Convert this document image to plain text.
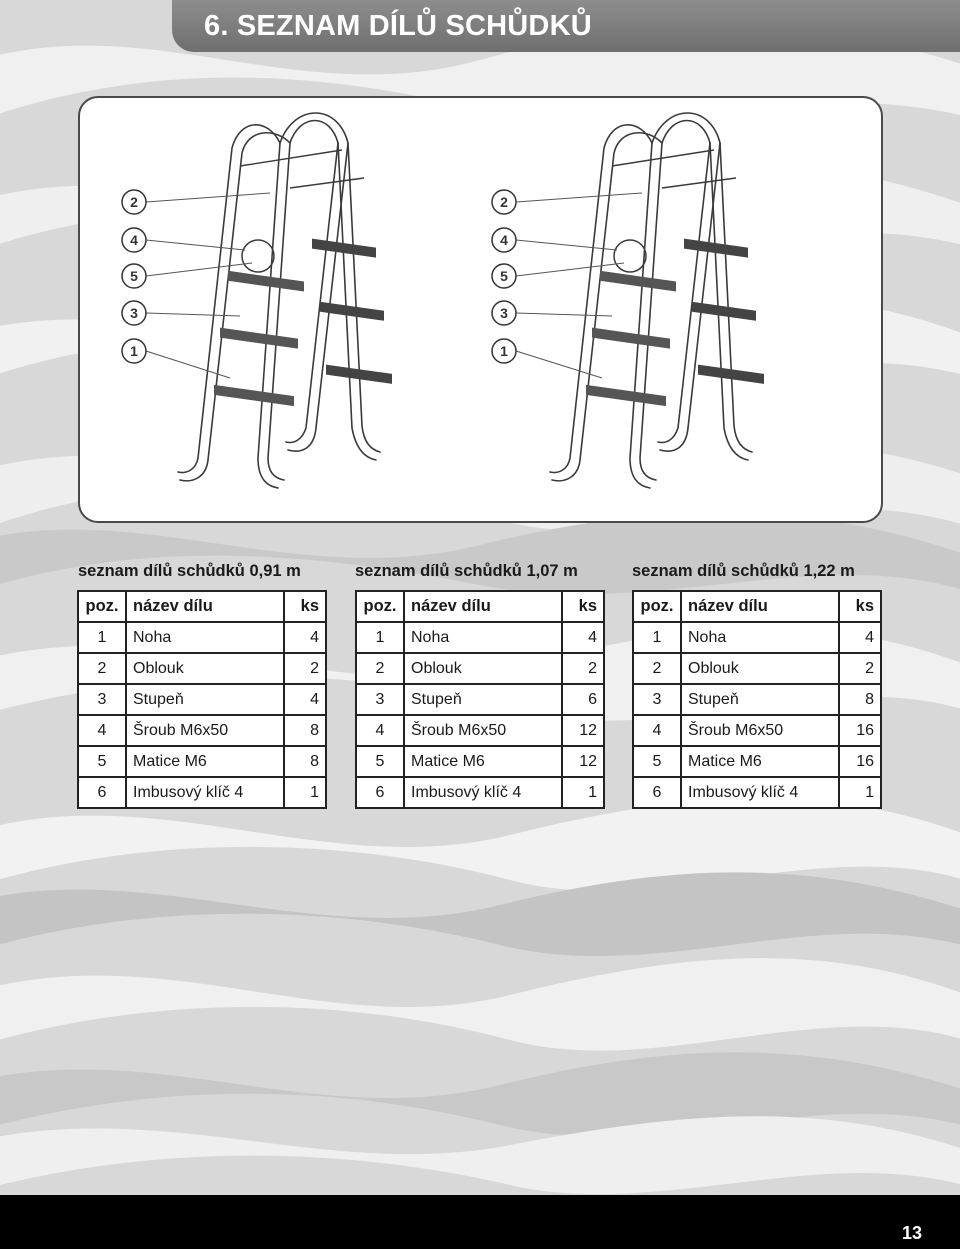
6. SEZNAM DÍLŮ SCHŮDKŮ
2
4
5
3
1
2
4
5
3
1
seznam dílů schůdků 0,91 m
poz.	název dílu	ks
1	Noha	4
2	Oblouk	2
3	Stupeň	4
4	Šroub M6x50	8
5	Matice M6	8
6	Imbusový klíč 4	1
seznam dílů schůdků 1,07 m
poz.	název dílu	ks
1	Noha	4
2	Oblouk	2
3	Stupeň	6
4	Šroub M6x50	12
5	Matice M6	12
6	Imbusový klíč 4	1
seznam dílů schůdků 1,22 m
poz.	název dílu	ks
1	Noha	4
2	Oblouk	2
3	Stupeň	8
4	Šroub M6x50	16
5	Matice M6	16
6	Imbusový klíč 4	1

13
